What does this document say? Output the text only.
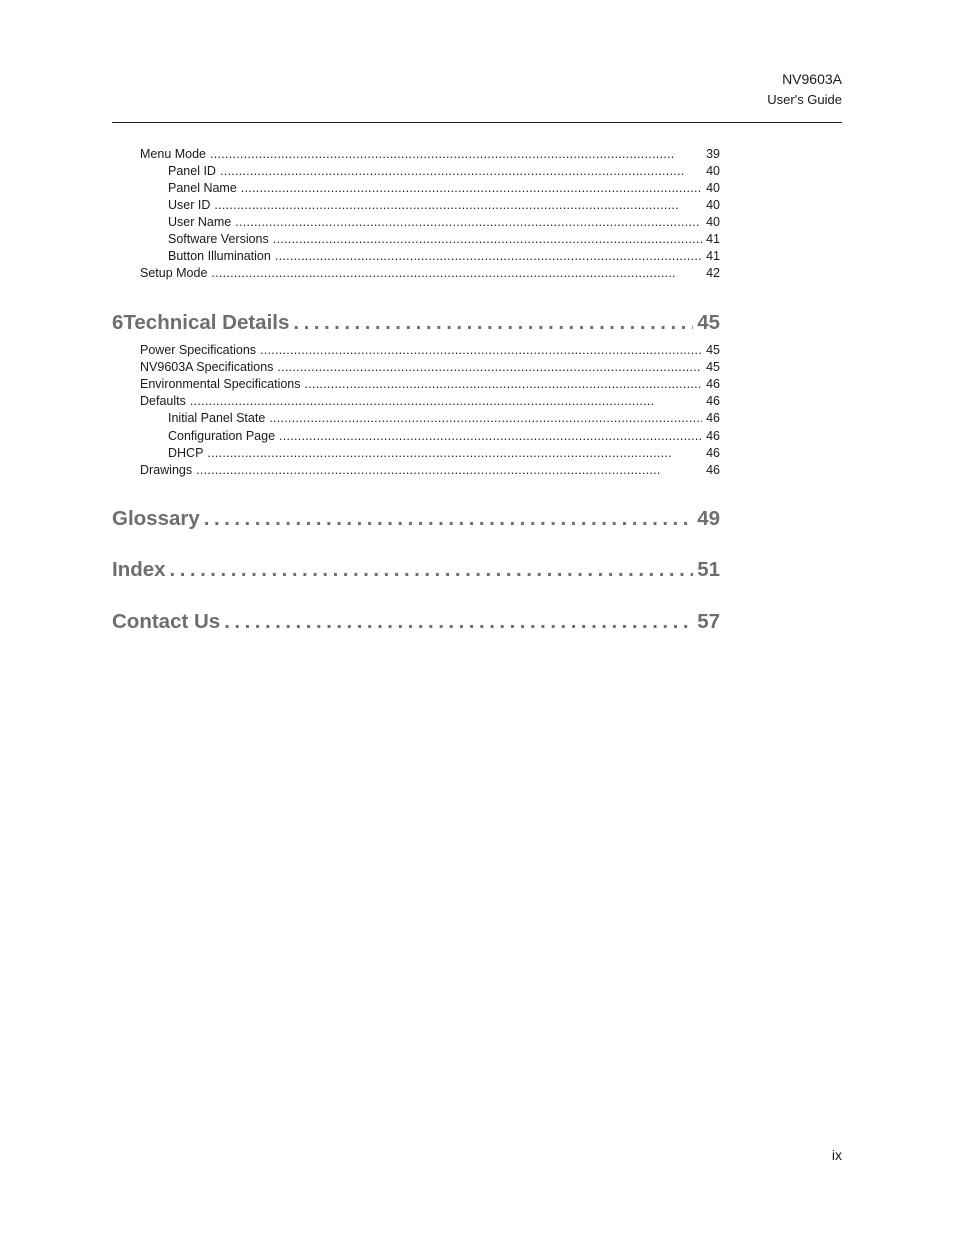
NV9603A
User's Guide
Menu Mode . . .	39
Panel ID . . .	40
Panel Name . . .	40
User ID . . .	40
User Name . . .	40
Software Versions . . .	41
Button Illumination . . .	41
Setup Mode . . .	42
6 Technical Details . . .	45
Power Specifications . . .	45
NV9603A Specifications . . .	45
Environmental Specifications . . .	46
Defaults . . .	46
Initial Panel State . . .	46
Configuration Page . . .	46
DHCP . . .	46
Drawings . . .	46
Glossary . . .	49
Index . . .	51
Contact Us . . .	57
ix
